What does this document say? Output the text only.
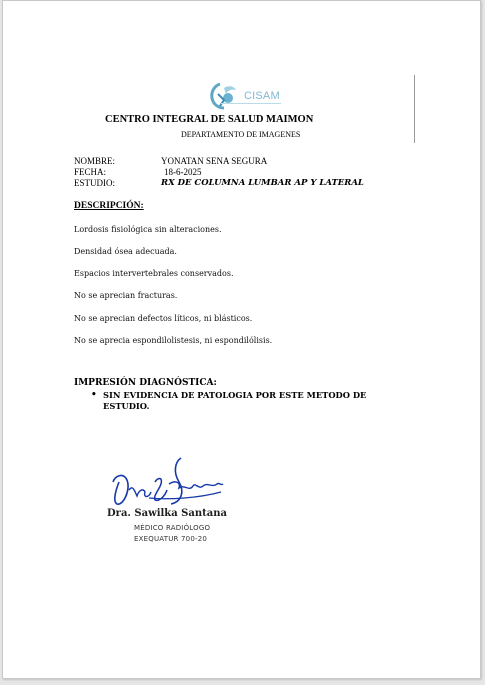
CISAM
CENTRO INTEGRAL DE SALUD MAIMON
DEPARTAMENTO DE IMAGENES
NOMBRE:	YONATAN SENA SEGURA
FECHA:	18-6-2025
ESTUDIO:	RX DE COLUMNA LUMBAR AP Y LATERAL
DESCRIPCIÓN:
Lordosis fisiológica sin alteraciones.
Densidad ósea adecuada.
Espacios intervertebrales conservados.
No se aprecian fracturas.
No se aprecian defectos líticos, ni blásticos.
No se aprecia espondilolistesis, ni espondilólisis.
IMPRESIÓN DIAGNÓSTICA:
• SIN EVIDENCIA DE PATOLOGIA POR ESTE METODO DE ESTUDIO.
Dra. Sawilka Santana
MÉDICO RADIÓLOGO
EXEQUATUR 700-20
